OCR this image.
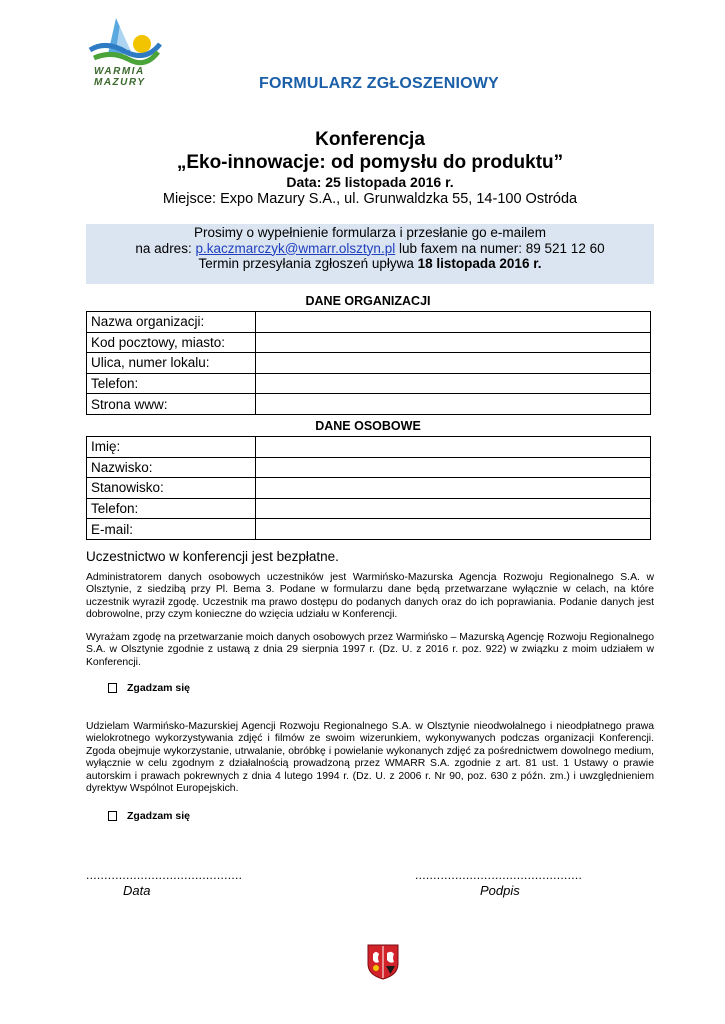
WARMIA
MAZURY	FORMULARZ ZGŁOSZENIOWY
Konferencja
„Eko-innowacje: od pomysłu do produktu”
Data: 25 listopada 2016 r.
Miejsce: Expo Mazury S.A., ul. Grunwaldzka 55, 14-100 Ostróda
Prosimy o wypełnienie formularza i przesłanie go e-mailem
na adres: p.kaczmarczyk@wmarr.olsztyn.pl lub faxem na numer: 89 521 12 60
Termin przesyłania zgłoszeń upływa 18 listopada 2016 r.
DANE ORGANIZACJI
Nazwa organizacji:	
Kod pocztowy, miasto:	
Ulica, numer lokalu:	
Telefon:	
Strona www:	
DANE OSOBOWE
Imię:	
Nazwisko:	
Stanowisko:	
Telefon:	
E-mail:	
Uczestnictwo w konferencji jest bezpłatne.
Administratorem danych osobowych uczestników jest Warmińsko-Mazurska Agencja Rozwoju Regionalnego S.A. w Olsztynie, z siedzibą przy Pl. Bema 3. Podane w formularzu dane będą przetwarzane wyłącznie w celach, na które uczestnik wyraził zgodę. Uczestnik ma prawo dostępu do podanych danych oraz do ich poprawiania. Podanie danych jest dobrowolne, przy czym konieczne do wzięcia udziału w Konferencji.
Wyrażam zgodę na przetwarzanie moich danych osobowych przez Warmińsko – Mazurską Agencję Rozwoju Regionalnego S.A. w Olsztynie zgodnie z ustawą z dnia 29 sierpnia 1997 r. (Dz. U. z 2016 r. poz. 922) w związku z moim udziałem w Konferencji.
Zgadzam się
Udzielam Warmińsko-Mazurskiej Agencji Rozwoju Regionalnego S.A. w Olsztynie nieodwołalnego i nieodpłatnego prawa wielokrotnego wykorzystywania zdjęć i filmów ze swoim wizerunkiem, wykonywanych podczas organizacji Konferencji. Zgoda obejmuje wykorzystanie, utrwalanie, obróbkę i powielanie wykonanych zdjęć za pośrednictwem dowolnego medium, wyłącznie w celu zgodnym z działalnością prowadzoną przez WMARR S.A. zgodnie z art. 81 ust. 1 Ustawy o prawie autorskim i prawach pokrewnych z dnia 4 lutego 1994 r. (Dz. U. z 2006 r. Nr 90, poz. 630 z późn. zm.) i uwzględnieniem dyrektyw Wspólnot Europejskich.
Zgadzam się
...........................................	..............................................
Data	Podpis
